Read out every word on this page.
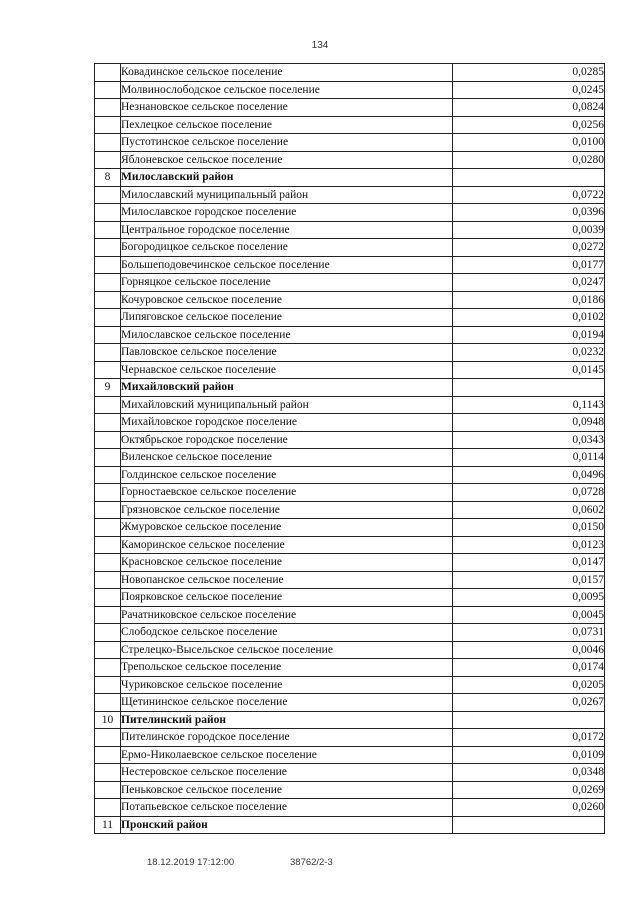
134
	Ковадинское сельское поселение	0,0285
	Молвинослободское сельское поселение	0,0245
	Незнановское сельское поселение	0,0824
	Пехлецкое сельское поселение	0,0256
	Пустотинское сельское поселение	0,0100
	Яблоневское сельское поселение	0,0280
8	Милославский район	
	Милославский муниципальный район	0,0722
	Милославское городское поселение	0,0396
	Центральное городское поселение	0,0039
	Богородицкое сельское поселение	0,0272
	Большеподовечинское сельское поселение	0,0177
	Горняцкое сельское поселение	0,0247
	Кочуровское сельское поселение	0,0186
	Липяговское сельское поселение	0,0102
	Милославское сельское поселение	0,0194
	Павловское сельское поселение	0,0232
	Чернавское сельское поселение	0,0145
9	Михайловский район	
	Михайловский муниципальный район	0,1143
	Михайловское городское поселение	0,0948
	Октябрьское городское поселение	0,0343
	Виленское сельское поселение	0,0114
	Голдинское сельское поселение	0,0496
	Горностаевское сельское поселение	0,0728
	Грязновское сельское поселение	0,0602
	Жмуровское сельское поселение	0,0150
	Камоpинское сельское поселение	0,0123
	Красновское сельское поселение	0,0147
	Новопанское сельское поселение	0,0157
	Поярковское сельское поселение	0,0095
	Рачатниковское сельское поселение	0,0045
	Слободское сельское поселение	0,0731
	Стрелецко-Высельское сельское поселение	0,0046
	Трепольское сельское поселение	0,0174
	Чуриковское сельское поселение	0,0205
	Щетининское сельское поселение	0,0267
10	Пителинский район	
	Пителинское городское поселение	0,0172
	Ермо-Николаевское сельское поселение	0,0109
	Нестеровское сельское поселение	0,0348
	Пеньковское сельское поселение	0,0269
	Потапьевское сельское поселение	0,0260
11	Пронский район	
18.12.2019 17:12:00	38762/2-3
